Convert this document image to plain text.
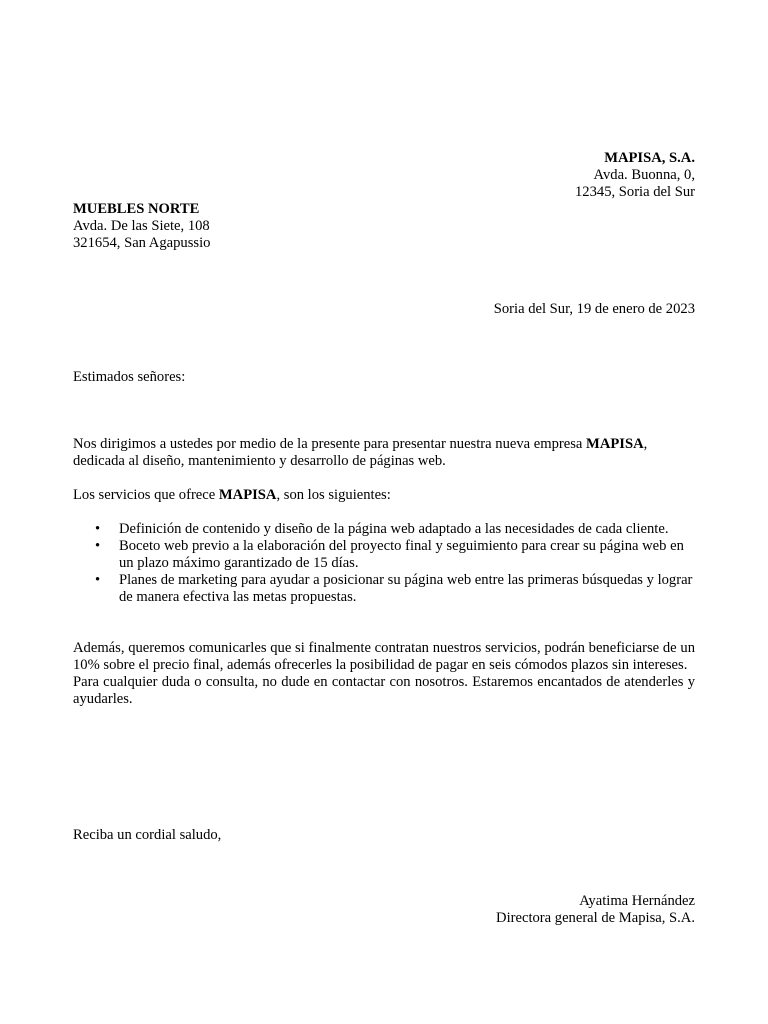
MAPISA, S.A.

Avda. Buonna, 0,

12345, Soria del Sur

MUEBLES NORTE

Avda. De las Siete, 108

321654, San Agapussio

Soria del Sur, 19 de enero de 2023

Estimados señores:

Nos dirigimos a ustedes por medio de la presente para presentar nuestra nueva empresa MAPISA, dedicada al diseño, mantenimiento y desarrollo de páginas web.

Los servicios que ofrece MAPISA, son los siguientes:

• Definición de contenido y diseño de la página web adaptado a las necesidades de cada cliente.
• Boceto web previo a la elaboración del proyecto final y seguimiento para crear su página web en un plazo máximo garantizado de 15 días.
• Planes de marketing para ayudar a posicionar su página web entre las primeras búsquedas y lograr de manera efectiva las metas propuestas.

Además, queremos comunicarles que si finalmente contratan nuestros servicios, podrán beneficiarse de un 10% sobre el precio final, además ofrecerles la posibilidad de pagar en seis cómodos plazos sin intereses.

Para cualquier duda o consulta, no dude en contactar con nosotros. Estaremos encantados de atenderles y ayudarles.

Reciba un cordial saludo,

Ayatima Hernández

Directora general de Mapisa, S.A.
